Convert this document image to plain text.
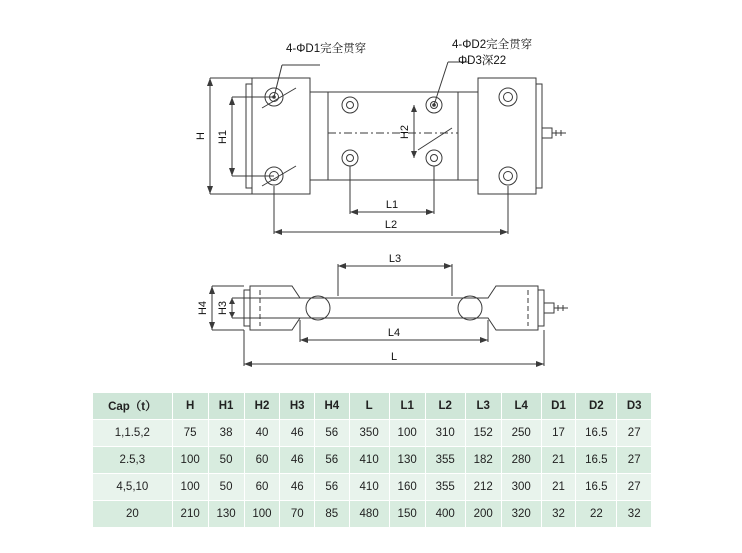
4-ΦD1完全贯穿	4-ΦD2完全贯穿
ΦD3深22
H H1	H2
L1
L2
L3
H4 H3
L4
L
Cap（t）	H	H1	H2	H3	H4	L	L1	L2	L3	L4	D1	D2	D3
1,1.5,2	75	38	40	46	56	350	100	310	152	250	17	16.5	27
2.5,3	100	50	60	46	56	410	130	355	182	280	21	16.5	27
4,5,10	100	50	60	46	56	410	160	355	212	300	21	16.5	27
20	210	130	100	70	85	480	150	400	200	320	32	22	32
